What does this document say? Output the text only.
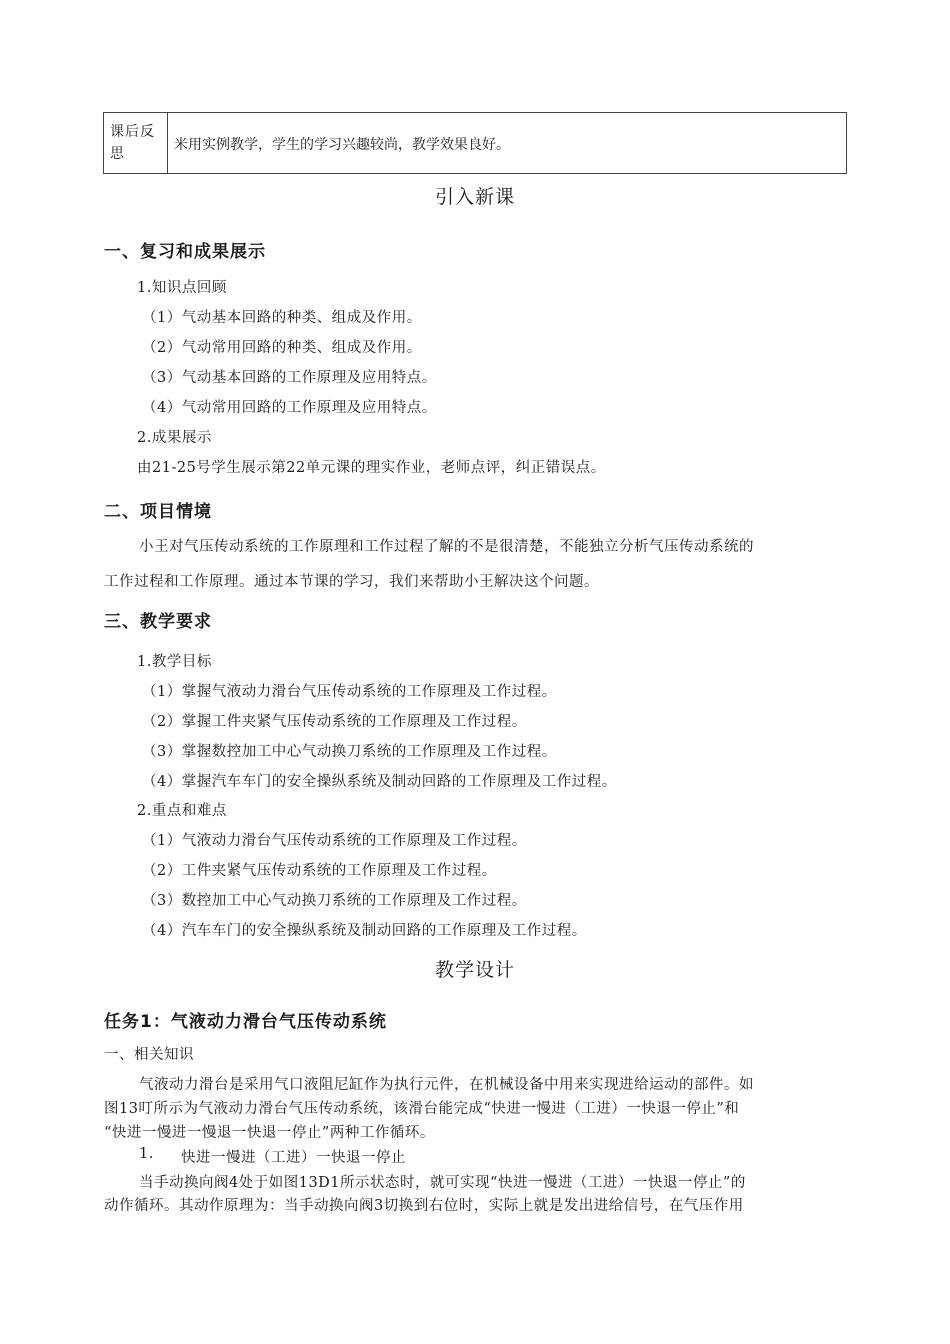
课后反思
米用实例教学，学生的学习兴趣较尚，教学效果良好。
引入新课
一、复习和成果展示
1.知识点回顾
（1）气动基本回路的种类、组成及作用。
（2）气动常用回路的种类、组成及作用。
（3）气动基本回路的工作原理及应用特点。
（4）气动常用回路的工作原理及应用特点。
2.成果展示
由21-25号学生展示第22单元课的理实作业，老师点评，纠正错误点。
二、项目情境
小王对气压传动系统的工作原理和工作过程了解的不是很清楚，不能独立分析气压传动系统的
工作过程和工作原理。通过本节课的学习，我们来帮助小王解决这个问题。
三、教学要求
1.教学目标
（1）掌握气液动力滑台气压传动系统的工作原理及工作过程。
（2）掌握工件夹紧气压传动系统的工作原理及工作过程。
（3）掌握数控加工中心气动换刀系统的工作原理及工作过程。
（4）掌握汽车车门的安全操纵系统及制动回路的工作原理及工作过程。
2.重点和难点
（1）气液动力滑台气压传动系统的工作原理及工作过程。
（2）工件夹紧气压传动系统的工作原理及工作过程。
（3）数控加工中心气动换刀系统的工作原理及工作过程。
（4）汽车车门的安全操纵系统及制动回路的工作原理及工作过程。
教学设计
任务1：气液动力滑台气压传动系统
一、相关知识
气液动力滑台是采用气口液阻尼缸作为执行元件，在机械设备中用来实现进给运动的部件。如
图13叮所示为气液动力滑台气压传动系统，该滑台能完成“快进一慢进（工进）一快退一停止”和
“快进一慢进一慢退一快退一停止”两种工作循环。
1. 快进一慢进（工进）一快退一停止
当手动换向阀4处于如图13D1所示状态时，就可实现“快进一慢进（工进）一快退一停止”的
动作循环。其动作原理为：当手动换向阀3切换到右位时，实际上就是发出进给信号，在气压作用
